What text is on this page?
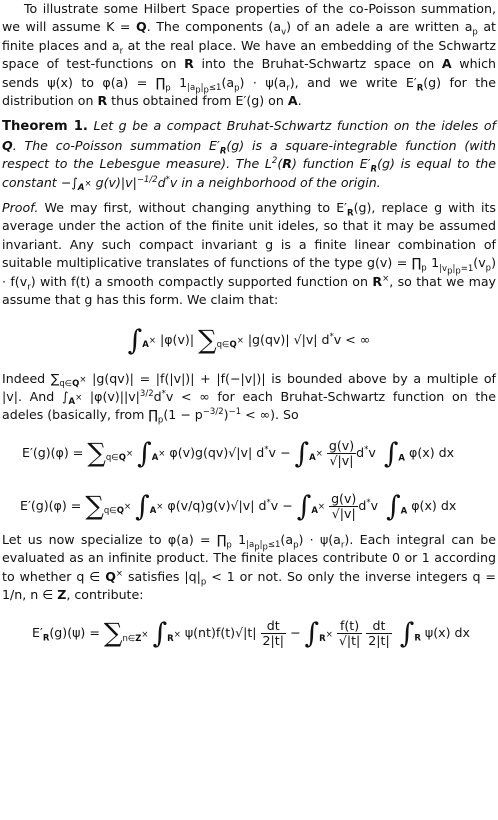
To illustrate some Hilbert Space properties of the co-Poisson summation, we will assume K = Q. The components $(a_v)$ of an adele a are written $a_p$ at finite places and $a_r$ at the real place. We have an embedding of the Schwartz space of test-functions on R into the Bruhat-Schwartz space on A which sends ψ(x) to $\varphi(a) = \prod_p$ $1_{|a_p|_p\le 1}(a_p) \cdot \psi(a_r)$, and we write $E'_R(g)$ for the distribution on R thus obtained from E′(g) on A.

Theorem 1. Let g be a compact Bruhat-Schwartz function on the ideles of Q. The co-Poisson summation $E'_R(g)$ is a square-integrable function (with respect to the Lebesgue measure). The $L^2(R)$ function $E'_R(g)$ is equal to the constant $-\int_{A^\times}$ $g(v)|v|^{-1/2}d^*v$ in a neighborhood of the origin.

Proof. We may first, without changing anything to $E'_R(g)$, replace g with its average under the action of the finite unit ideles, so that it may be assumed invariant. Any such compact invariant g is a finite linear combination of suitable multiplicative translates of functions of the type $g(v) = \prod_p$ $1_{|v_p|_p=1}(v_p) \cdot f(v_r)$ with f(t) a smooth compactly supported function on R×, so that we may assume that g has this form. We claim that:

$\int_{A^\times}$ |φ(v)| $\sum_{q\in Q^\times}$ |g(qv)| √|v| d*v < ∞

Indeed $\sum_{q\in Q^\times}$ |g(qv)| = |f(|v|)| + |f(−|v|)| is bounded above by a multiple of |v|. And $\int_{A^\times}$ $|\varphi(v)||v|^{3/2}d^*v$ < ∞ for each Bruhat-Schwartz function on the adeles (basically, from $\prod_p(1 - p^{-3/2})^{-1}$ < ∞). So

$E'(g)(\varphi) = \sum_{q\in Q^\times}$ $\int_{A^\times}$ φ(v)g(qv)√|v| $d^*v - \int_{A^\times} \frac{g(v)}{√|v|} d^*v$  $\int_A$ φ(x) dx
$E'(g)(\varphi) = \sum_{q\in Q^\times}$ $\int_{A^\times}$ φ(v/q)g(v)√|v| $d^*v - \int_{A^\times} \frac{g(v)}{√|v|} d^*v$  $\int_A$ φ(x) dx

Let us now specialize to $\varphi(a) = \prod_p$ $1_{|a_p|_p\le 1}(a_p) \cdot \psi(a_r)$. Each integral can be evaluated as an infinite product. The finite places contribute 0 or 1 according to whether q ∈ Q× satisfies $|q|_p < 1$ or not. So only the inverse integers q = 1/n, n ∈ Z, contribute:

$E'_R(g)(\psi) = \sum_{n\in Z^\times}$ $\int_{R^\times}$ $\psi(nt)f(t)√|t| \frac{dt}{2|t|} - \int_{R^\times} \frac{f(t)}{√|t|}$
$\frac{dt}{2|t|} \int_R$ ψ(x) dx
